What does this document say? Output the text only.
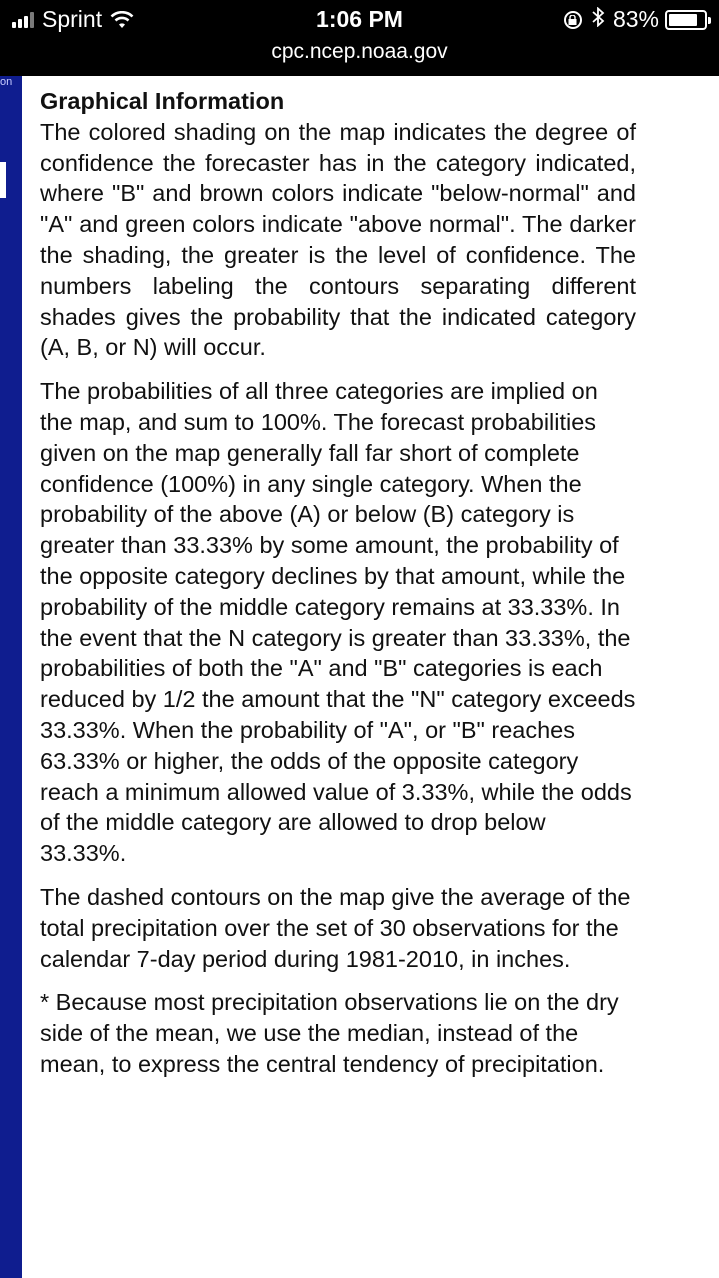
Sprint	1:06 PM	83%
cpc.ncep.noaa.gov
on
Graphical Information

The colored shading on the map indicates the degree of confidence the forecaster has in the category indicated, where "B" and brown colors indicate "below-normal" and "A" and green colors indicate "above normal". The darker the shading, the greater is the level of confidence. The numbers labeling the contours separating different shades gives the probability that the indicated category (A, B, or N) will occur.

The probabilities of all three categories are implied on the map, and sum to 100%. The forecast probabilities given on the map generally fall far short of complete confidence (100%) in any single category. When the probability of the above (A) or below (B) category is greater than 33.33% by some amount, the probability of the opposite category declines by that amount, while the probability of the middle category remains at 33.33%. In the event that the N category is greater than 33.33%, the probabilities of both the "A" and "B" categories is each reduced by 1/2 the amount that the "N" category exceeds 33.33%. When the probability of "A", or "B" reaches 63.33% or higher, the odds of the opposite category reach a minimum allowed value of 3.33%, while the odds of the middle category are allowed to drop below 33.33%.

The dashed contours on the map give the average of the total precipitation over the set of 30 observations for the calendar 7-day period during 1981-2010, in inches.

* Because most precipitation observations lie on the dry side of the mean, we use the median, instead of the mean, to express the central tendency of precipitation.
